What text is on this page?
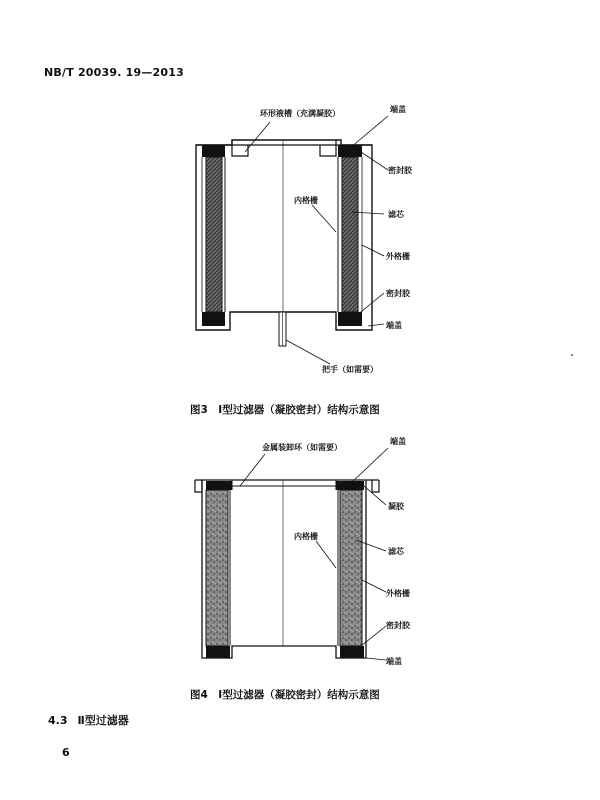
NB/T 20039. 19—2013
环形液槽（充满凝胶）	端盖
密封胶
内格栅
滤芯
外格栅
密封胶
端盖
把手（如需要）
金属装卸环（如需要）
端盖
凝胶
内格栅
滤芯
外格栅
密封胶
端盖
图3　Ⅰ型过滤器（凝胶密封）结构示意图
图4　Ⅰ型过滤器（凝胶密封）结构示意图
4.3 Ⅱ型过滤器
6
